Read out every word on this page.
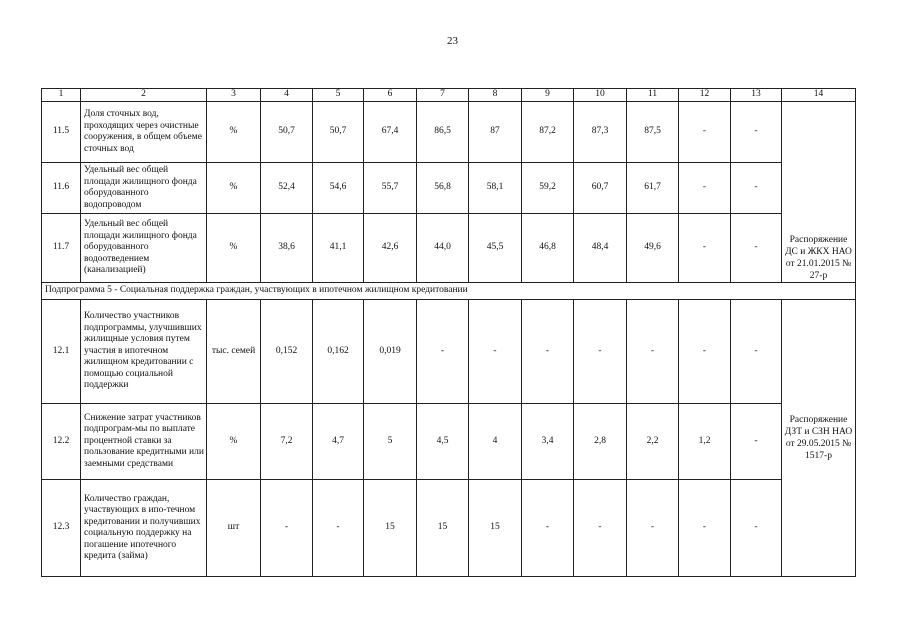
23
1	2	3	4	5	6	7	8	9	10	11	12	13	14
11.5	Доля сточных вод, проходящих через очистные сооружения, в общем объеме сточных вод	%	50,7	50,7	67,4	86,5	87	87,2	87,3	87,5	-	-	Распоряжение ДС и ЖКХ НАО от 21.01.2015 № 27-р
11.6	Удельный вес общей площади жилищного фонда оборудованного водопроводом	%	52,4	54,6	55,7	56,8	58,1	59,2	60,7	61,7	-	-	
11.7	Удельный вес общей площади жилищного фонда оборудованного водоотведением (канализацией)	%	38,6	41,1	42,6	44,0	45,5	46,8	48,4	49,6	-	-	
Подпрограмма 5 - Социальная поддержка граждан, участвующих в ипотечном жилищном кредитовании													
12.1	Количество участников подпрограммы, улучшивших жилищные условия путем участия в ипотечном жилищном кредитовании с помощью социальной поддержки	тыс. семей	0,152	0,162	0,019	-	-	-	-	-	-	-	Распоряжение ДЗТ и СЗН НАО от 29.05.2015 № 1517-р
12.2	Снижение затрат участников подпрограм-мы по выплате процентной ставки за пользование кредитными или заемными средствами	%	7,2	4,7	5	4,5	4	3,4	2,8	2,2	1,2	-	
12.3	Количество граждан, участвующих в ипо-течном кредитовании и получивших социальную поддержку на погашение ипотечного кредита (займа)	шт	-	-	15	15	15	-	-	-	-	-	
